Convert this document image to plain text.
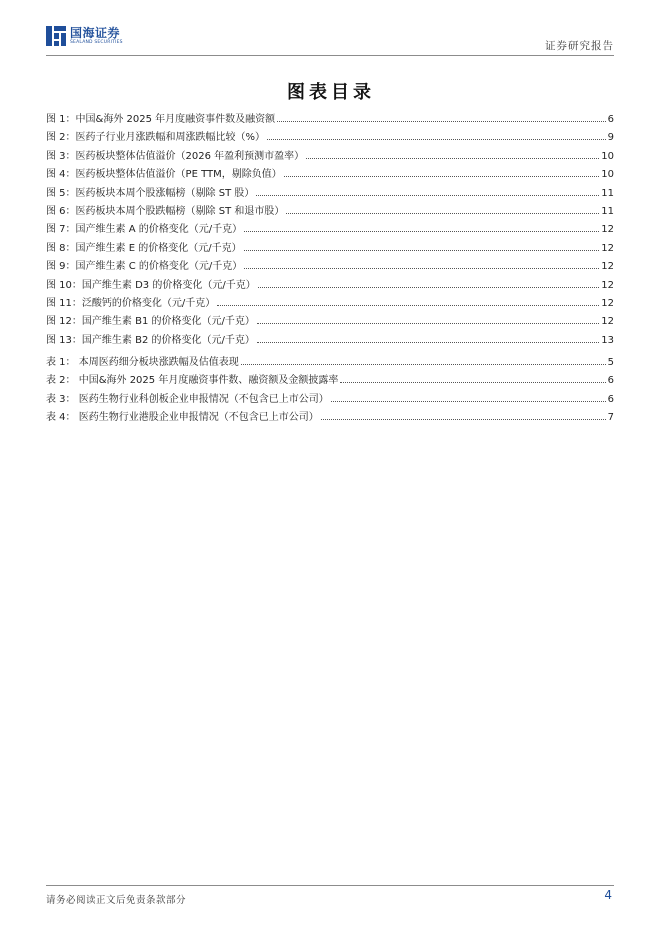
国海证券
SEALAND SECURITIES	证券研究报告
图表目录
图 1：中国&海外 2025 年月度融资事件数及融资额	6
图 2：医药子行业月涨跌幅和周涨跌幅比较（%）	9
图 3：医药板块整体估值溢价（2026 年盈利预测市盈率）	10
图 4：医药板块整体估值溢价（PE TTM，剔除负值）	10
图 5：医药板块本周个股涨幅榜（剔除 ST 股）	11
图 6：医药板块本周个股跌幅榜（剔除 ST 和退市股）	11
图 7：国产维生素 A 的价格变化（元/千克）	12
图 8：国产维生素 E 的价格变化（元/千克）	12
图 9：国产维生素 C 的价格变化（元/千克）	12
图 10：国产维生素 D3 的价格变化（元/千克）	12
图 11：泛酸钙的价格变化（元/千克）	12
图 12：国产维生素 B1 的价格变化（元/千克）	12
图 13：国产维生素 B2 的价格变化（元/千克）	13
表 1： 本周医药细分板块涨跌幅及估值表现	5
表 2： 中国&海外 2025 年月度融资事件数、融资额及金额披露率	6
表 3： 医药生物行业科创板企业申报情况（不包含已上市公司）	6
表 4： 医药生物行业港股企业申报情况（不包含已上市公司）	7
请务必阅读正文后免责条款部分	4
